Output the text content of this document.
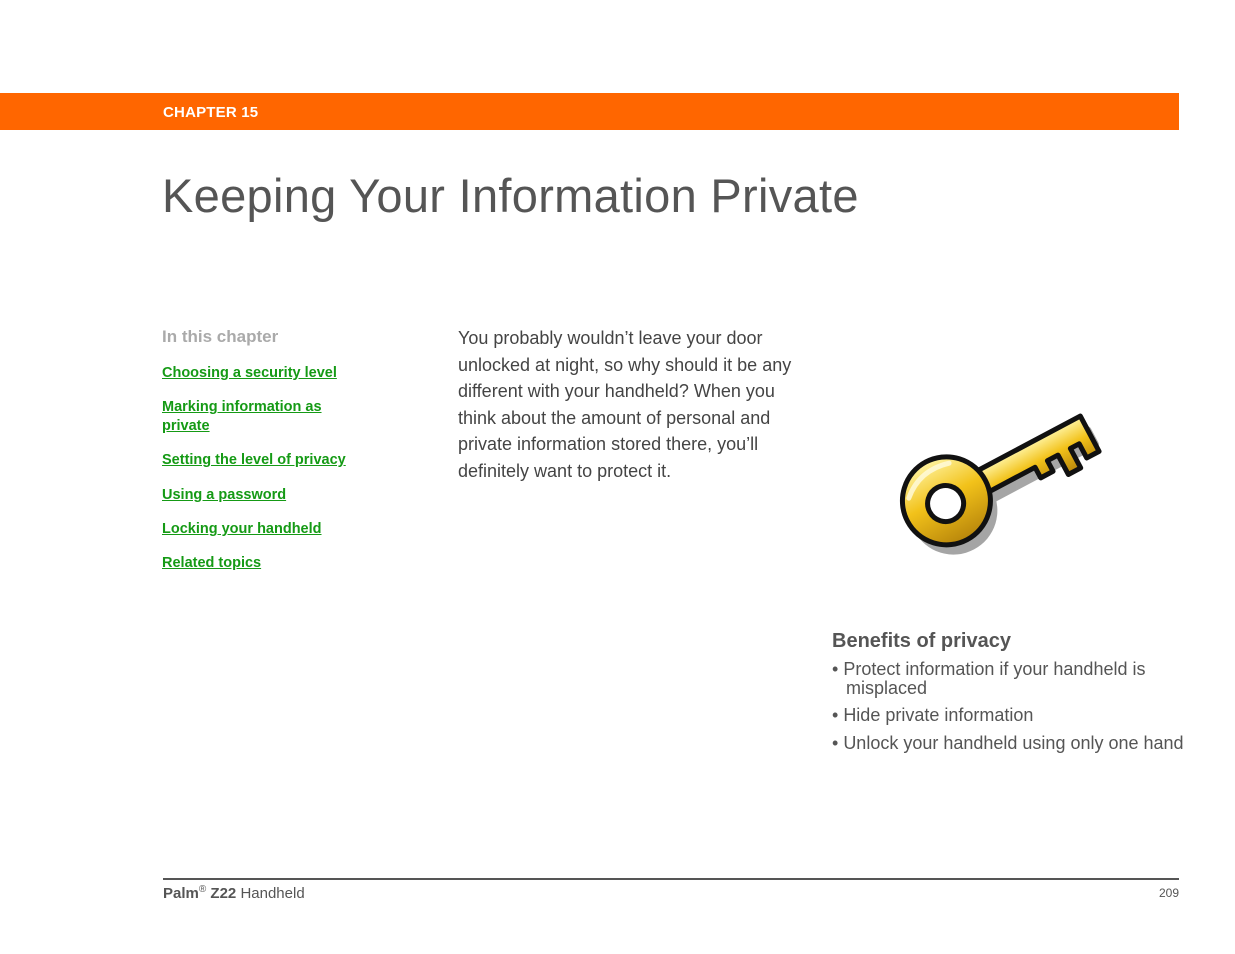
CHAPTER 15
Keeping Your Information Private
In this chapter
Choosing a security level
Marking information as private
Setting the level of privacy
Using a password
Locking your handheld
Related topics

You probably wouldn’t leave your door unlocked at night, so why should it be any different with your handheld? When you think about the amount of personal and private information stored there, you’ll definitely want to protect it.

Benefits of privacy
• Protect information if your handheld is misplaced
• Hide private information
• Unlock your handheld using only one hand
Palm® Z22 Handheld	209
